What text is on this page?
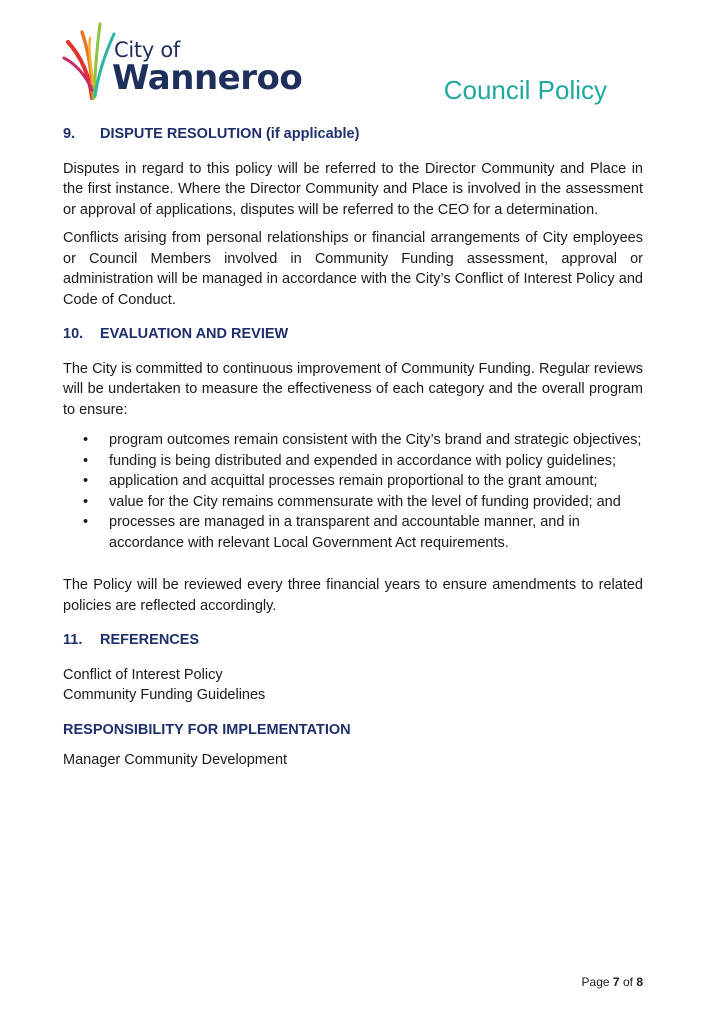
City of
Wanneroo	Council Policy
9.	DISPUTE RESOLUTION (if applicable)

Disputes in regard to this policy will be referred to the Director Community and Place in the first instance. Where the Director Community and Place is involved in the assessment or approval of applications, disputes will be referred to the CEO for a determination.

Conflicts arising from personal relationships or financial arrangements of City employees or Council Members involved in Community Funding assessment, approval or administration will be managed in accordance with the City’s Conflict of Interest Policy and Code of Conduct.

10.	EVALUATION AND REVIEW

The City is committed to continuous improvement of Community Funding. Regular reviews will be undertaken to measure the effectiveness of each category and the overall program to ensure:

• program outcomes remain consistent with the City’s brand and strategic objectives;
• funding is being distributed and expended in accordance with policy guidelines;
• application and acquittal processes remain proportional to the grant amount;
• value for the City remains commensurate with the level of funding provided; and
• processes are managed in a transparent and accountable manner, and in accordance with relevant Local Government Act requirements.

The Policy will be reviewed every three financial years to ensure amendments to related policies are reflected accordingly.

11.	REFERENCES
Conflict of Interest Policy
Community Funding Guidelines
RESPONSIBILITY FOR IMPLEMENTATION
Manager Community Development
Page 7 of 8
